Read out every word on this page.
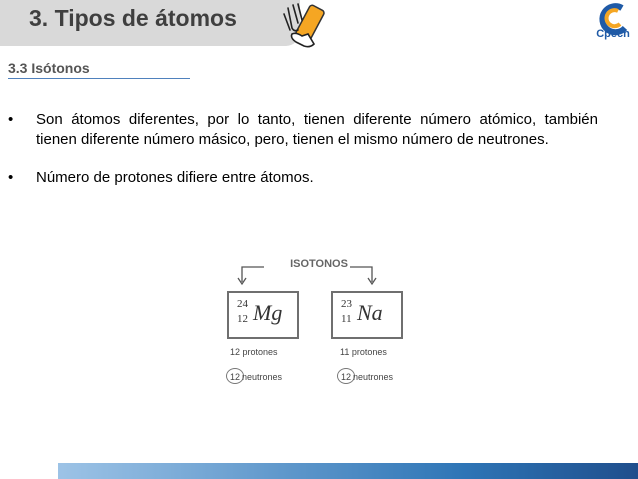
3. Tipos de átomos
Cpech
3.3 Isótonos
• Son átomos diferentes, por lo tanto, tienen diferente número atómico, también tienen diferente número másico, pero, tienen el mismo número de neutrones.
• Número de protones difiere entre átomos.
ISOTONOS
24
12 Mg	23
11 Na
12 protones	11 protones
12 neutrones	12 neutrones
